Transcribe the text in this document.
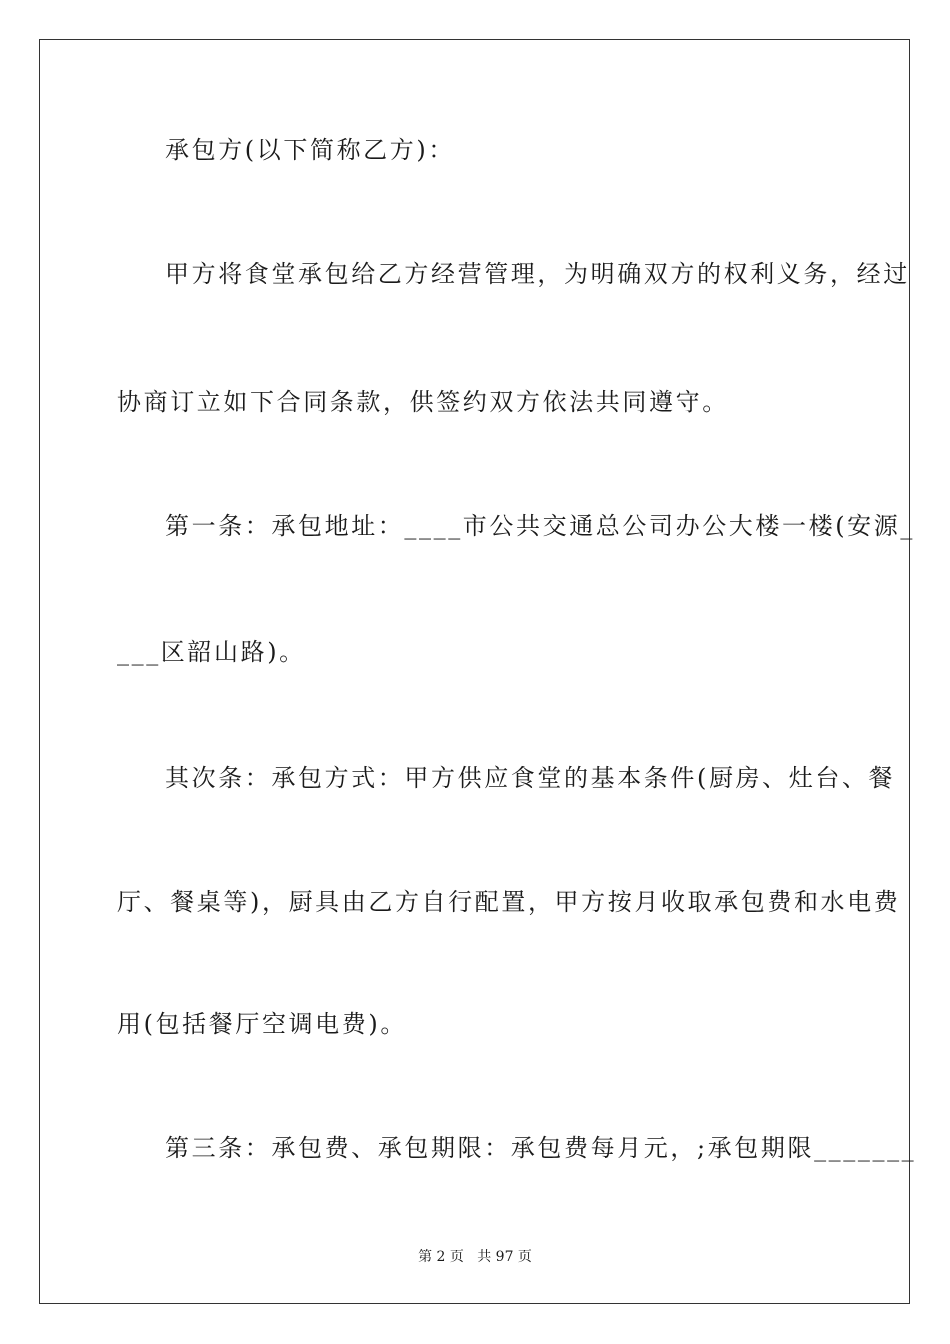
承包方(以下简称乙方)：
甲方将食堂承包给乙方经营管理，为明确双方的权利义务，经过
协商订立如下合同条款，供签约双方依法共同遵守。
第一条：承包地址：____市公共交通总公司办公大楼一楼(安源_
___区韶山路)。
其次条：承包方式：甲方供应食堂的基本条件(厨房、灶台、餐
厅、餐桌等)，厨具由乙方自行配置，甲方按月收取承包费和水电费
用(包括餐厅空调电费)。
第三条：承包费、承包期限：承包费每月元，;承包期限_______
第 2 页   共 97 页
